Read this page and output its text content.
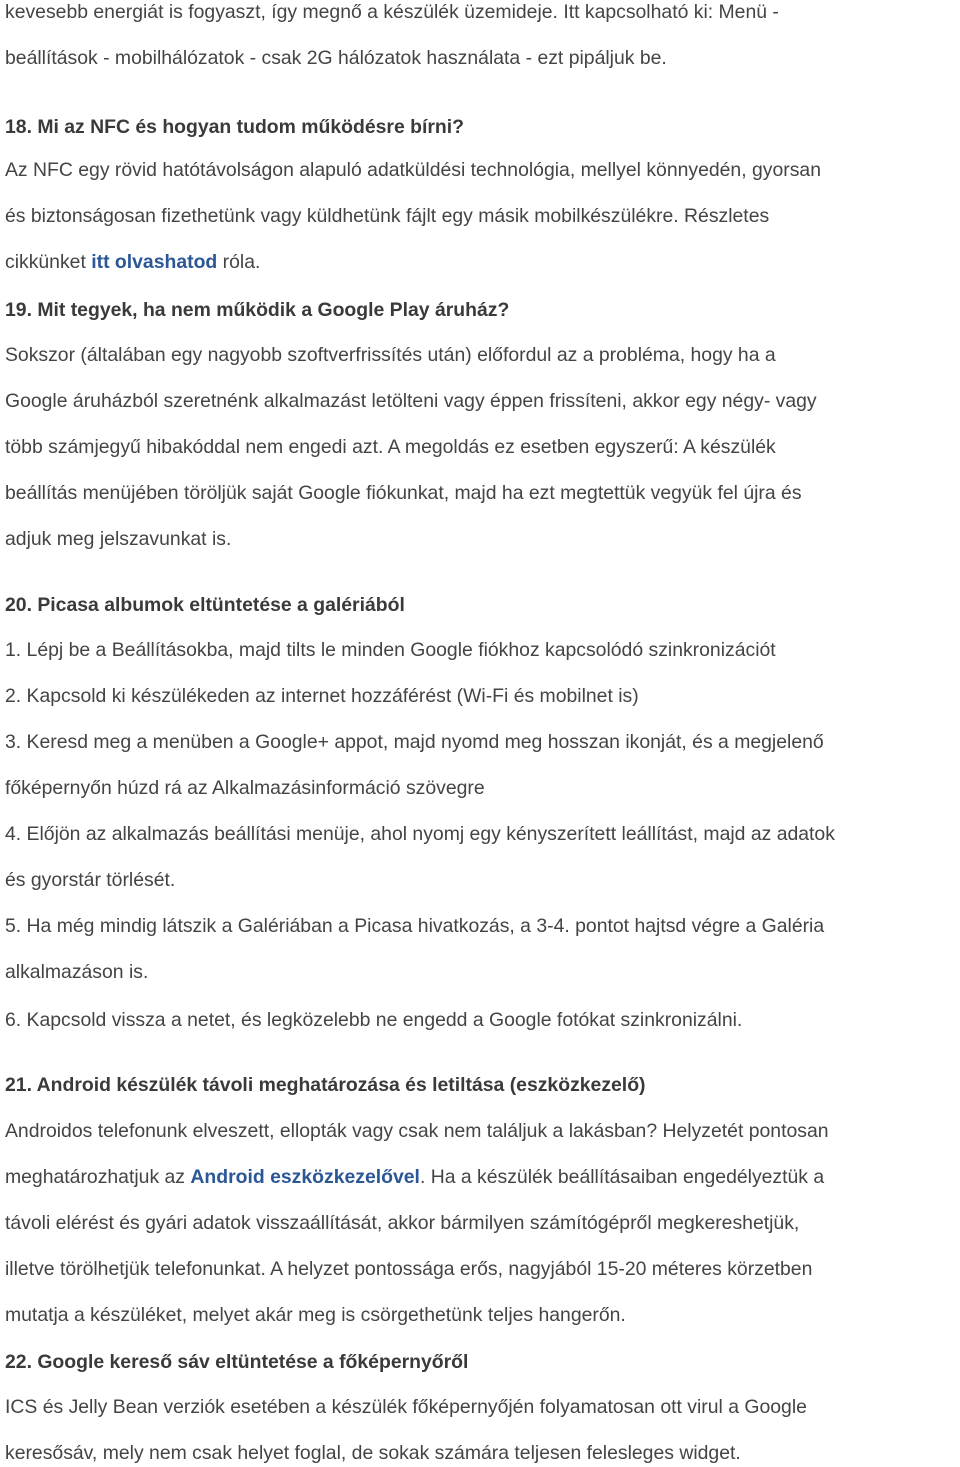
kevesebb energiát is fogyaszt, így megnő a készülék üzemideje. Itt kapcsolható ki: Menü -
beállítások - mobilhálózatok - csak 2G hálózatok használata - ezt pipáljuk be.
18. Mi az NFC és hogyan tudom működésre bírni?
Az NFC egy rövid hatótávolságon alapuló adatküldési technológia, mellyel könnyedén, gyorsan
és biztonságosan fizethetünk vagy küldhetünk fájlt egy másik mobilkészülékre. Részletes
cikkünket itt olvashatod róla.
19. Mit tegyek, ha nem működik a Google Play áruház?
Sokszor (általában egy nagyobb szoftverfrissítés után) előfordul az a probléma, hogy ha a
Google áruházból szeretnénk alkalmazást letölteni vagy éppen frissíteni, akkor egy négy- vagy
több számjegyű hibakóddal nem engedi azt. A megoldás ez esetben egyszerű: A készülék
beállítás menüjében töröljük saját Google fiókunkat, majd ha ezt megtettük vegyük fel újra és
adjuk meg jelszavunkat is.
20. Picasa albumok eltüntetése a galériából
1. Lépj be a Beállításokba, majd tilts le minden Google fiókhoz kapcsolódó szinkronizációt
2. Kapcsold ki készülékeden az internet hozzáférést (Wi-Fi és mobilnet is)
3. Keresd meg a menüben a Google+ appot, majd nyomd meg hosszan ikonját, és a megjelenő
főképernyőn húzd rá az Alkalmazásinformáció szövegre
4. Előjön az alkalmazás beállítási menüje, ahol nyomj egy kényszerített leállítást, majd az adatok
és gyorstár törlését.
5. Ha még mindig látszik a Galériában a Picasa hivatkozás, a 3-4. pontot hajtsd végre a Galéria
alkalmazáson is.
6. Kapcsold vissza a netet, és legközelebb ne engedd a Google fotókat szinkronizálni.
21. Android készülék távoli meghatározása és letiltása (eszközkezelő)
Androidos telefonunk elveszett, ellopták vagy csak nem találjuk a lakásban? Helyzetét pontosan
meghatározhatjuk az Android eszközkezelővel. Ha a készülék beállításaiban engedélyeztük a
távoli elérést és gyári adatok visszaállítását, akkor bármilyen számítógépről megkereshetjük,
illetve törölhetjük telefonunkat. A helyzet pontossága erős, nagyjából 15-20 méteres körzetben
mutatja a készüléket, melyet akár meg is csörgethetünk teljes hangerőn.
22. Google kereső sáv eltüntetése a főképernyőről
ICS és Jelly Bean verziók esetében a készülék főképernyőjén folyamatosan ott virul a Google
keresősáv, mely nem csak helyet foglal, de sokak számára teljesen felesleges widget.
